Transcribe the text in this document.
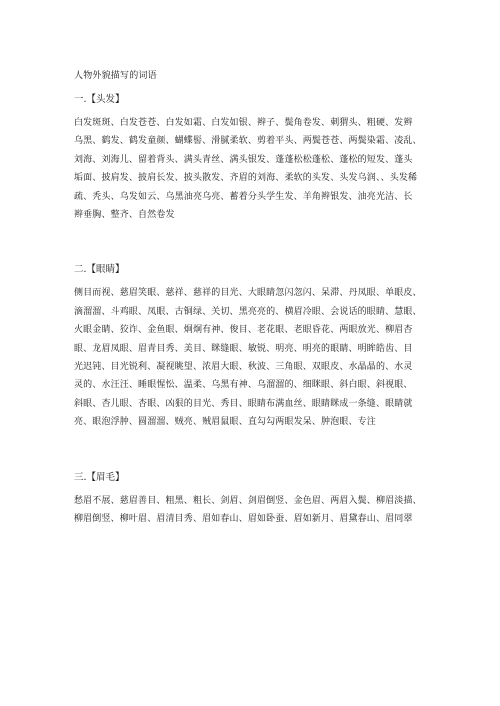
人物外貌描写的词语
一.【头发】

白发斑斑、白发苍苍、白发如霜、白发如银、辫子、鬓角卷发、刺猬头、粗硬、发辫
乌黑、鹤发、鹤发童颜、蝴蝶髻、滑腻柔软、剪着平头、两鬓苍苍、两鬓染霜、凌乱、
刘海、刘海儿、留着背头、满头青丝、满头银发、蓬蓬松松蓬松、蓬松的短发、蓬头
垢面、披肩发、披肩长发、披头散发、齐眉的刘海、柔软的头发、头发乌润、、头发稀
疏、秃头、乌发如云、乌黑油亮乌亮、蓄着分头学生发、羊角辫银发、油亮光洁、长
辫垂胸、整齐、自然卷发

二.【眼睛】

侧目而视、慈眉笑眼、慈祥、慈祥的目光、大眼睛忽闪忽闪、呆滞、丹凤眼、单眼皮、
滴溜溜、斗鸡眼、凤眼、古铜绿、关切、黑亮亮的、横眉冷眼、会说话的眼睛、慧眼、
火眼金睛、狡诈、金鱼眼、炯炯有神、俊目、老花眼、老眼昏花、两眼放光、柳眉杏
眼、龙眉凤眼、眉青目秀、美目、眯缝眼、敏锐、明亮、明亮的眼睛、明眸皓齿、目
光迟钝、目光锐利、凝视眺望、浓眉大眼、秋波、三角眼、双眼皮、水晶晶的、水灵
灵的、水汪汪、睡眼惺忪、温柔、乌黑有神、乌溜溜的、细眯眼、斜白眼、斜视眼、
斜眼、杏儿眼、杏眼、凶狠的目光、秀目、眼睛布满血丝、眼睛眯成一条缝、眼睛就
亮、眼泡浮肿、圆溜溜、贼亮、贼眉鼠眼、直勾勾两眼发呆、肿泡眼、专注

三.【眉毛】

愁眉不展、慈眉善目、粗黑、粗长、剑眉、剑眉倒竖、金色眉、两眉入鬓、柳眉淡描、
柳眉倒竖、柳叶眉、眉清目秀、眉如春山、眉如卧蚕、眉如新月、眉黛春山、眉同翠
